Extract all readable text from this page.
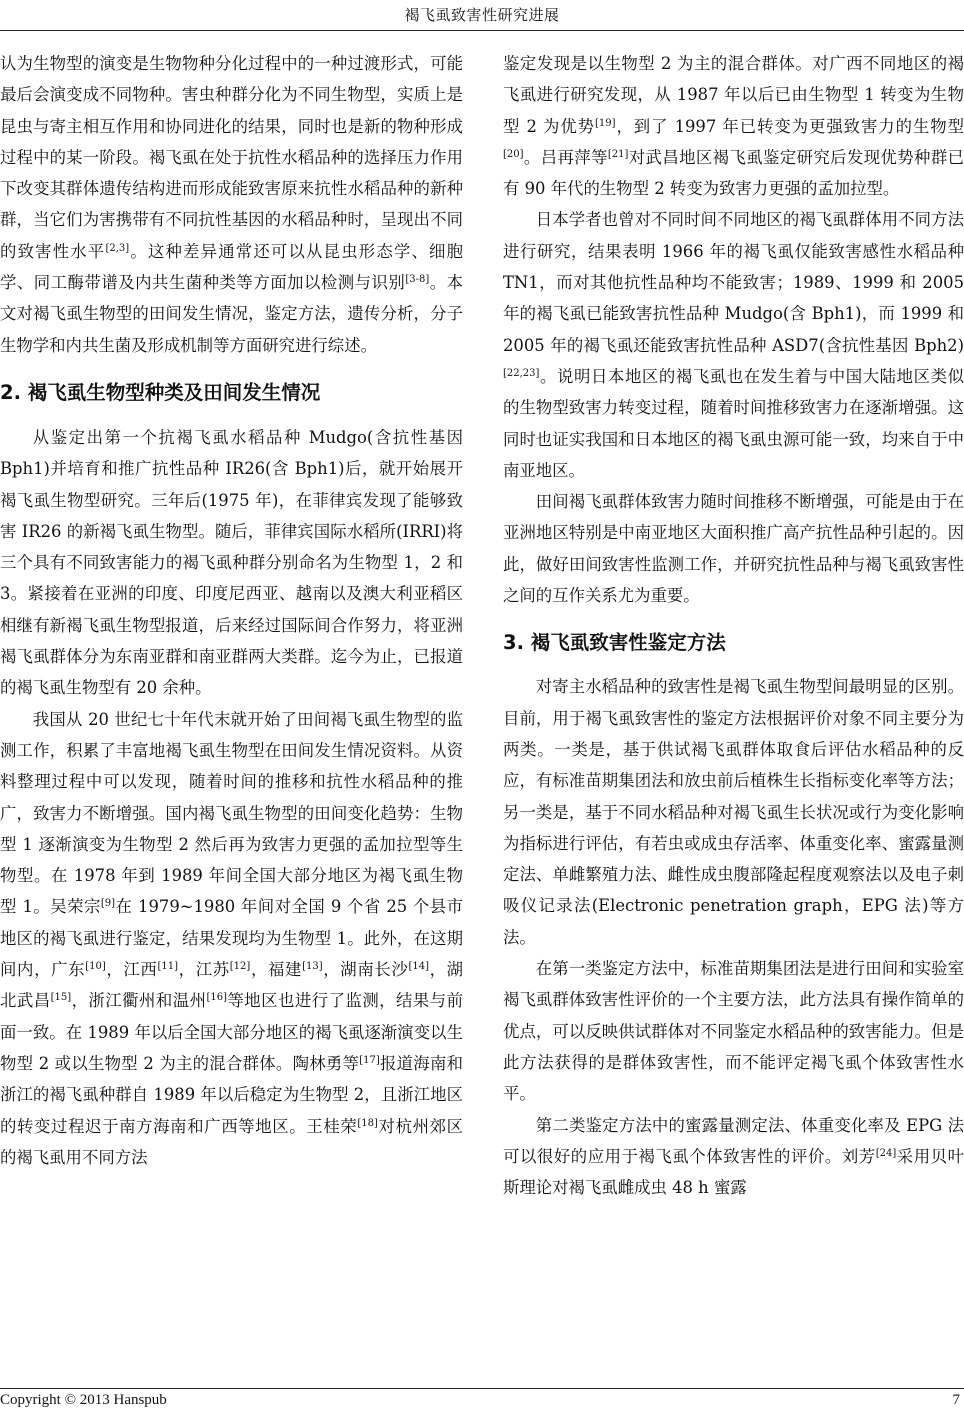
褐飞虱致害性研究进展

认为生物型的演变是生物物种分化过程中的一种过渡形式，可能最后会演变成不同物种。害虫种群分化为不同生物型，实质上是昆虫与寄主相互作用和协同进化的结果，同时也是新的物种形成过程中的某一阶段。褐飞虱在处于抗性水稻品种的选择压力作用下改变其群体遗传结构进而形成能致害原来抗性水稻品种的新种群，当它们为害携带有不同抗性基因的水稻品种时，呈现出不同的致害性水平[2,3]。这种差异通常还可以从昆虫形态学、细胞学、同工酶带谱及内共生菌种类等方面加以检测与识别[3-8]。本文对褐飞虱生物型的田间发生情况，鉴定方法，遗传分析，分子生物学和内共生菌及形成机制等方面研究进行综述。

2. 褐飞虱生物型种类及田间发生情况

从鉴定出第一个抗褐飞虱水稻品种 Mudgo(含抗性基因 Bph1)并培育和推广抗性品种 IR26(含 Bph1)后，就开始展开褐飞虱生物型研究。三年后(1975 年)，在菲律宾发现了能够致害 IR26 的新褐飞虱生物型。随后，菲律宾国际水稻所(IRRI)将三个具有不同致害能力的褐飞虱种群分别命名为生物型 1，2 和 3。紧接着在亚洲的印度、印度尼西亚、越南以及澳大利亚稻区相继有新褐飞虱生物型报道，后来经过国际间合作努力，将亚洲褐飞虱群体分为东南亚群和南亚群两大类群。迄今为止，已报道的褐飞虱生物型有 20 余种。

我国从 20 世纪七十年代末就开始了田间褐飞虱生物型的监测工作，积累了丰富地褐飞虱生物型在田间发生情况资料。从资料整理过程中可以发现，随着时间的推移和抗性水稻品种的推广，致害力不断增强。国内褐飞虱生物型的田间变化趋势：生物型 1 逐渐演变为生物型 2 然后再为致害力更强的孟加拉型等生物型。在 1978 年到 1989 年间全国大部分地区为褐飞虱生物型 1。吴荣宗[9]在 1979~1980 年间对全国 9 个省 25 个县市地区的褐飞虱进行鉴定，结果发现均为生物型 1。此外，在这期间内，广东[10]，江西[11]，江苏[12]，福建[13]，湖南长沙[14]，湖北武昌[15]，浙江衢州和温州[16]等地区也进行了监测，结果与前面一致。在 1989 年以后全国大部分地区的褐飞虱逐渐演变以生物型 2 或以生物型 2 为主的混合群体。陶林勇等[17]报道海南和浙江的褐飞虱种群自 1989 年以后稳定为生物型 2，且浙江地区的转变过程迟于南方海南和广西等地区。王桂荣[18]对杭州郊区的褐飞虱用不同方法

鉴定发现是以生物型 2 为主的混合群体。对广西不同地区的褐飞虱进行研究发现，从 1987 年以后已由生物型 1 转变为生物型 2 为优势[19]，到了 1997 年已转变为更强致害力的生物型[20]。吕再萍等[21]对武昌地区褐飞虱鉴定研究后发现优势种群已有 90 年代的生物型 2 转变为致害力更强的孟加拉型。

日本学者也曾对不同时间不同地区的褐飞虱群体用不同方法进行研究，结果表明 1966 年的褐飞虱仅能致害感性水稻品种 TN1，而对其他抗性品种均不能致害；1989、1999 和 2005 年的褐飞虱已能致害抗性品种 Mudgo(含 Bph1)，而 1999 和 2005 年的褐飞虱还能致害抗性品种 ASD7(含抗性基因 Bph2)[22,23]。说明日本地区的褐飞虱也在发生着与中国大陆地区类似的生物型致害力转变过程，随着时间推移致害力在逐渐增强。这同时也证实我国和日本地区的褐飞虱虫源可能一致，均来自于中南亚地区。

田间褐飞虱群体致害力随时间推移不断增强，可能是由于在亚洲地区特别是中南亚地区大面积推广高产抗性品种引起的。因此，做好田间致害性监测工作，并研究抗性品种与褐飞虱致害性之间的互作关系尤为重要。

3. 褐飞虱致害性鉴定方法

对寄主水稻品种的致害性是褐飞虱生物型间最明显的区别。目前，用于褐飞虱致害性的鉴定方法根据评价对象不同主要分为两类。一类是，基于供试褐飞虱群体取食后评估水稻品种的反应，有标准苗期集团法和放虫前后植株生长指标变化率等方法；另一类是，基于不同水稻品种对褐飞虱生长状况或行为变化影响为指标进行评估，有若虫或成虫存活率、体重变化率、蜜露量测定法、单雌繁殖力法、雌性成虫腹部隆起程度观察法以及电子刺吸仪记录法(Electronic penetration graph，EPG 法)等方法。

在第一类鉴定方法中，标准苗期集团法是进行田间和实验室褐飞虱群体致害性评价的一个主要方法，此方法具有操作简单的优点，可以反映供试群体对不同鉴定水稻品种的致害能力。但是此方法获得的是群体致害性，而不能评定褐飞虱个体致害性水平。

第二类鉴定方法中的蜜露量测定法、体重变化率及 EPG 法可以很好的应用于褐飞虱个体致害性的评价。刘芳[24]采用贝叶斯理论对褐飞虱雌成虫 48 h 蜜露

Copyright © 2013 Hanspub	7
